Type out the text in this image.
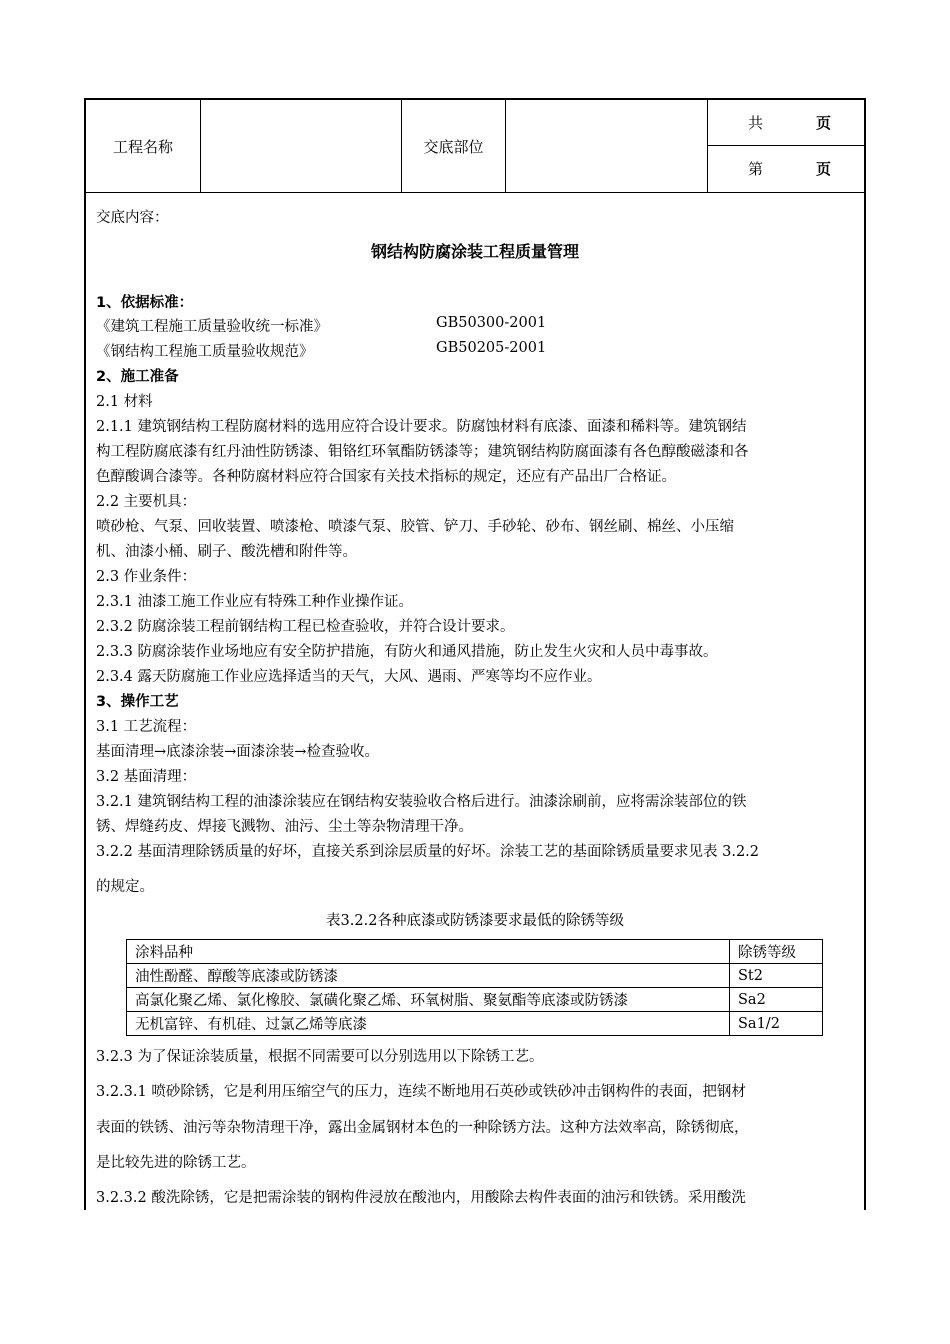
工程名称	交底部位
共	页
第	页
交底内容：
钢结构防腐涂装工程质量管理
1、依据标准：
《建筑工程施工质量验收统一标准》	GB50300-2001
《钢结构工程施工质量验收规范》	GB50205-2001
2、施工准备
2.1 材料
2.1.1 建筑钢结构工程防腐材料的选用应符合设计要求。防腐蚀材料有底漆、面漆和稀料等。建筑钢结
构工程防腐底漆有红丹油性防锈漆、钼铬红环氧酯防锈漆等；建筑钢结构防腐面漆有各色醇酸磁漆和各
色醇酸调合漆等。各种防腐材料应符合国家有关技术指标的规定，还应有产品出厂合格证。
2.2 主要机具：
喷砂枪、气泵、回收装置、喷漆枪、喷漆气泵、胶管、铲刀、手砂轮、砂布、钢丝刷、棉丝、小压缩
机、油漆小桶、刷子、酸洗槽和附件等。
2.3 作业条件：
2.3.1 油漆工施工作业应有特殊工种作业操作证。
2.3.2 防腐涂装工程前钢结构工程已检查验收，并符合设计要求。
2.3.3 防腐涂装作业场地应有安全防护措施，有防火和通风措施，防止发生火灾和人员中毒事故。
2.3.4 露天防腐施工作业应选择适当的天气，大风、遇雨、严寒等均不应作业。
3、操作工艺
3.1 工艺流程：
基面清理→底漆涂装→面漆涂装→检查验收。
3.2 基面清理：
3.2.1 建筑钢结构工程的油漆涂装应在钢结构安装验收合格后进行。油漆涂刷前，应将需涂装部位的铁
锈、焊缝药皮、焊接飞溅物、油污、尘土等杂物清理干净。
3.2.2 基面清理除锈质量的好坏，直接关系到涂层质量的好坏。涂装工艺的基面除锈质量要求见表 3.2.2
的规定。
表3.2.2各种底漆或防锈漆要求最低的除锈等级
涂料品种	除锈等级
油性酚醛、醇酸等底漆或防锈漆	St2
高氯化聚乙烯、氯化橡胶、氯磺化聚乙烯、环氧树脂、聚氨酯等底漆或防锈漆	Sa2
无机富锌、有机硅、过氯乙烯等底漆	Sa1/2
3.2.3 为了保证涂装质量，根据不同需要可以分别选用以下除锈工艺。
3.2.3.1 喷砂除锈，它是利用压缩空气的压力，连续不断地用石英砂或铁砂冲击钢构件的表面，把钢材
表面的铁锈、油污等杂物清理干净，露出金属钢材本色的一种除锈方法。这种方法效率高，除锈彻底，
是比较先进的除锈工艺。
3.2.3.2 酸洗除锈，它是把需涂装的钢构件浸放在酸池内，用酸除去构件表面的油污和铁锈。采用酸洗
